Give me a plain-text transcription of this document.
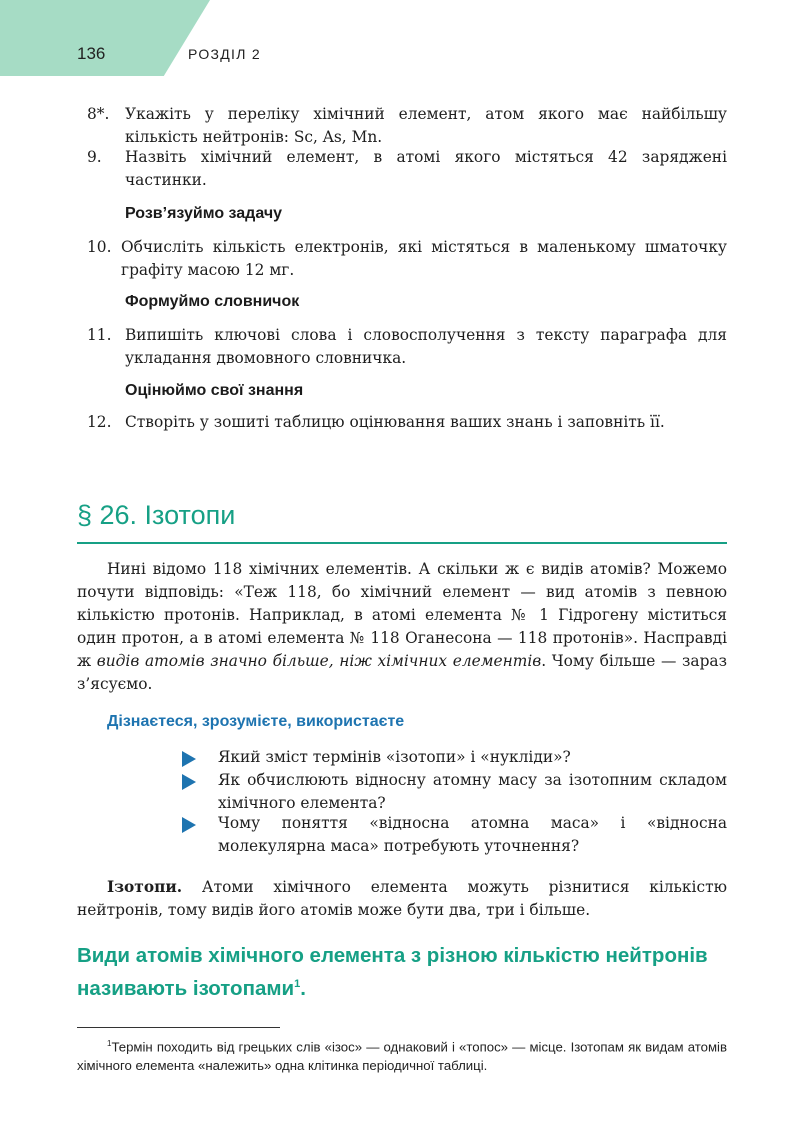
136	РОЗДІЛ 2
8*. Укажіть у переліку хімічний елемент, атом якого має найбільшу кількість нейтронів: Sc, As, Mn.
9. Назвіть хімічний елемент, в атомі якого містяться 42 заряджені частинки.
Розв’язуймо задачу
10. Обчисліть кількість електронів, які містяться в маленькому шматочку графіту масою 12 мг.
Формуймо словничок
11. Випишіть ключові слова і словосполучення з тексту параграфа для укладання двомовного словничка.
Оцінюймо свої знання
12. Створіть у зошиті таблицю оцінювання ваших знань і заповніть її.
§ 26. Ізотопи
Нині відомо 118 хімічних елементів. А скільки ж є видів атомів? Можемо почути відповідь: «Теж 118, бо хімічний елемент — вид атомів з певною кількістю протонів. Наприклад, в атомі елемента № 1 Гідрогену міститься один протон, а в атомі елемента № 118 Оганесона — 118 протонів». Насправді ж видів атомів значно більше, ніж хімічних елементів. Чому більше — зараз з’ясуємо.
Дізнаєтеся, зрозумієте, використаєте
Який зміст термінів «ізотопи» і «нукліди»?
Як обчислюють відносну атомну масу за ізотопним складом хімічного елемента?
Чому поняття «відносна атомна маса» і «відносна молекулярна маса» потребують уточнення?
Ізотопи. Атоми хімічного елемента можуть різнитися кількістю нейтронів, тому видів його атомів може бути два, три і більше.
Види атомів хімічного елемента з різною кількістю нейтронів називають ізотопами$^1$.
$^1$Термін походить від грецьких слів «ізос» — однаковий і «топос» — місце. Ізотопам як видам атомів хімічного елемента «належить» одна клітинка періодичної таблиці.
